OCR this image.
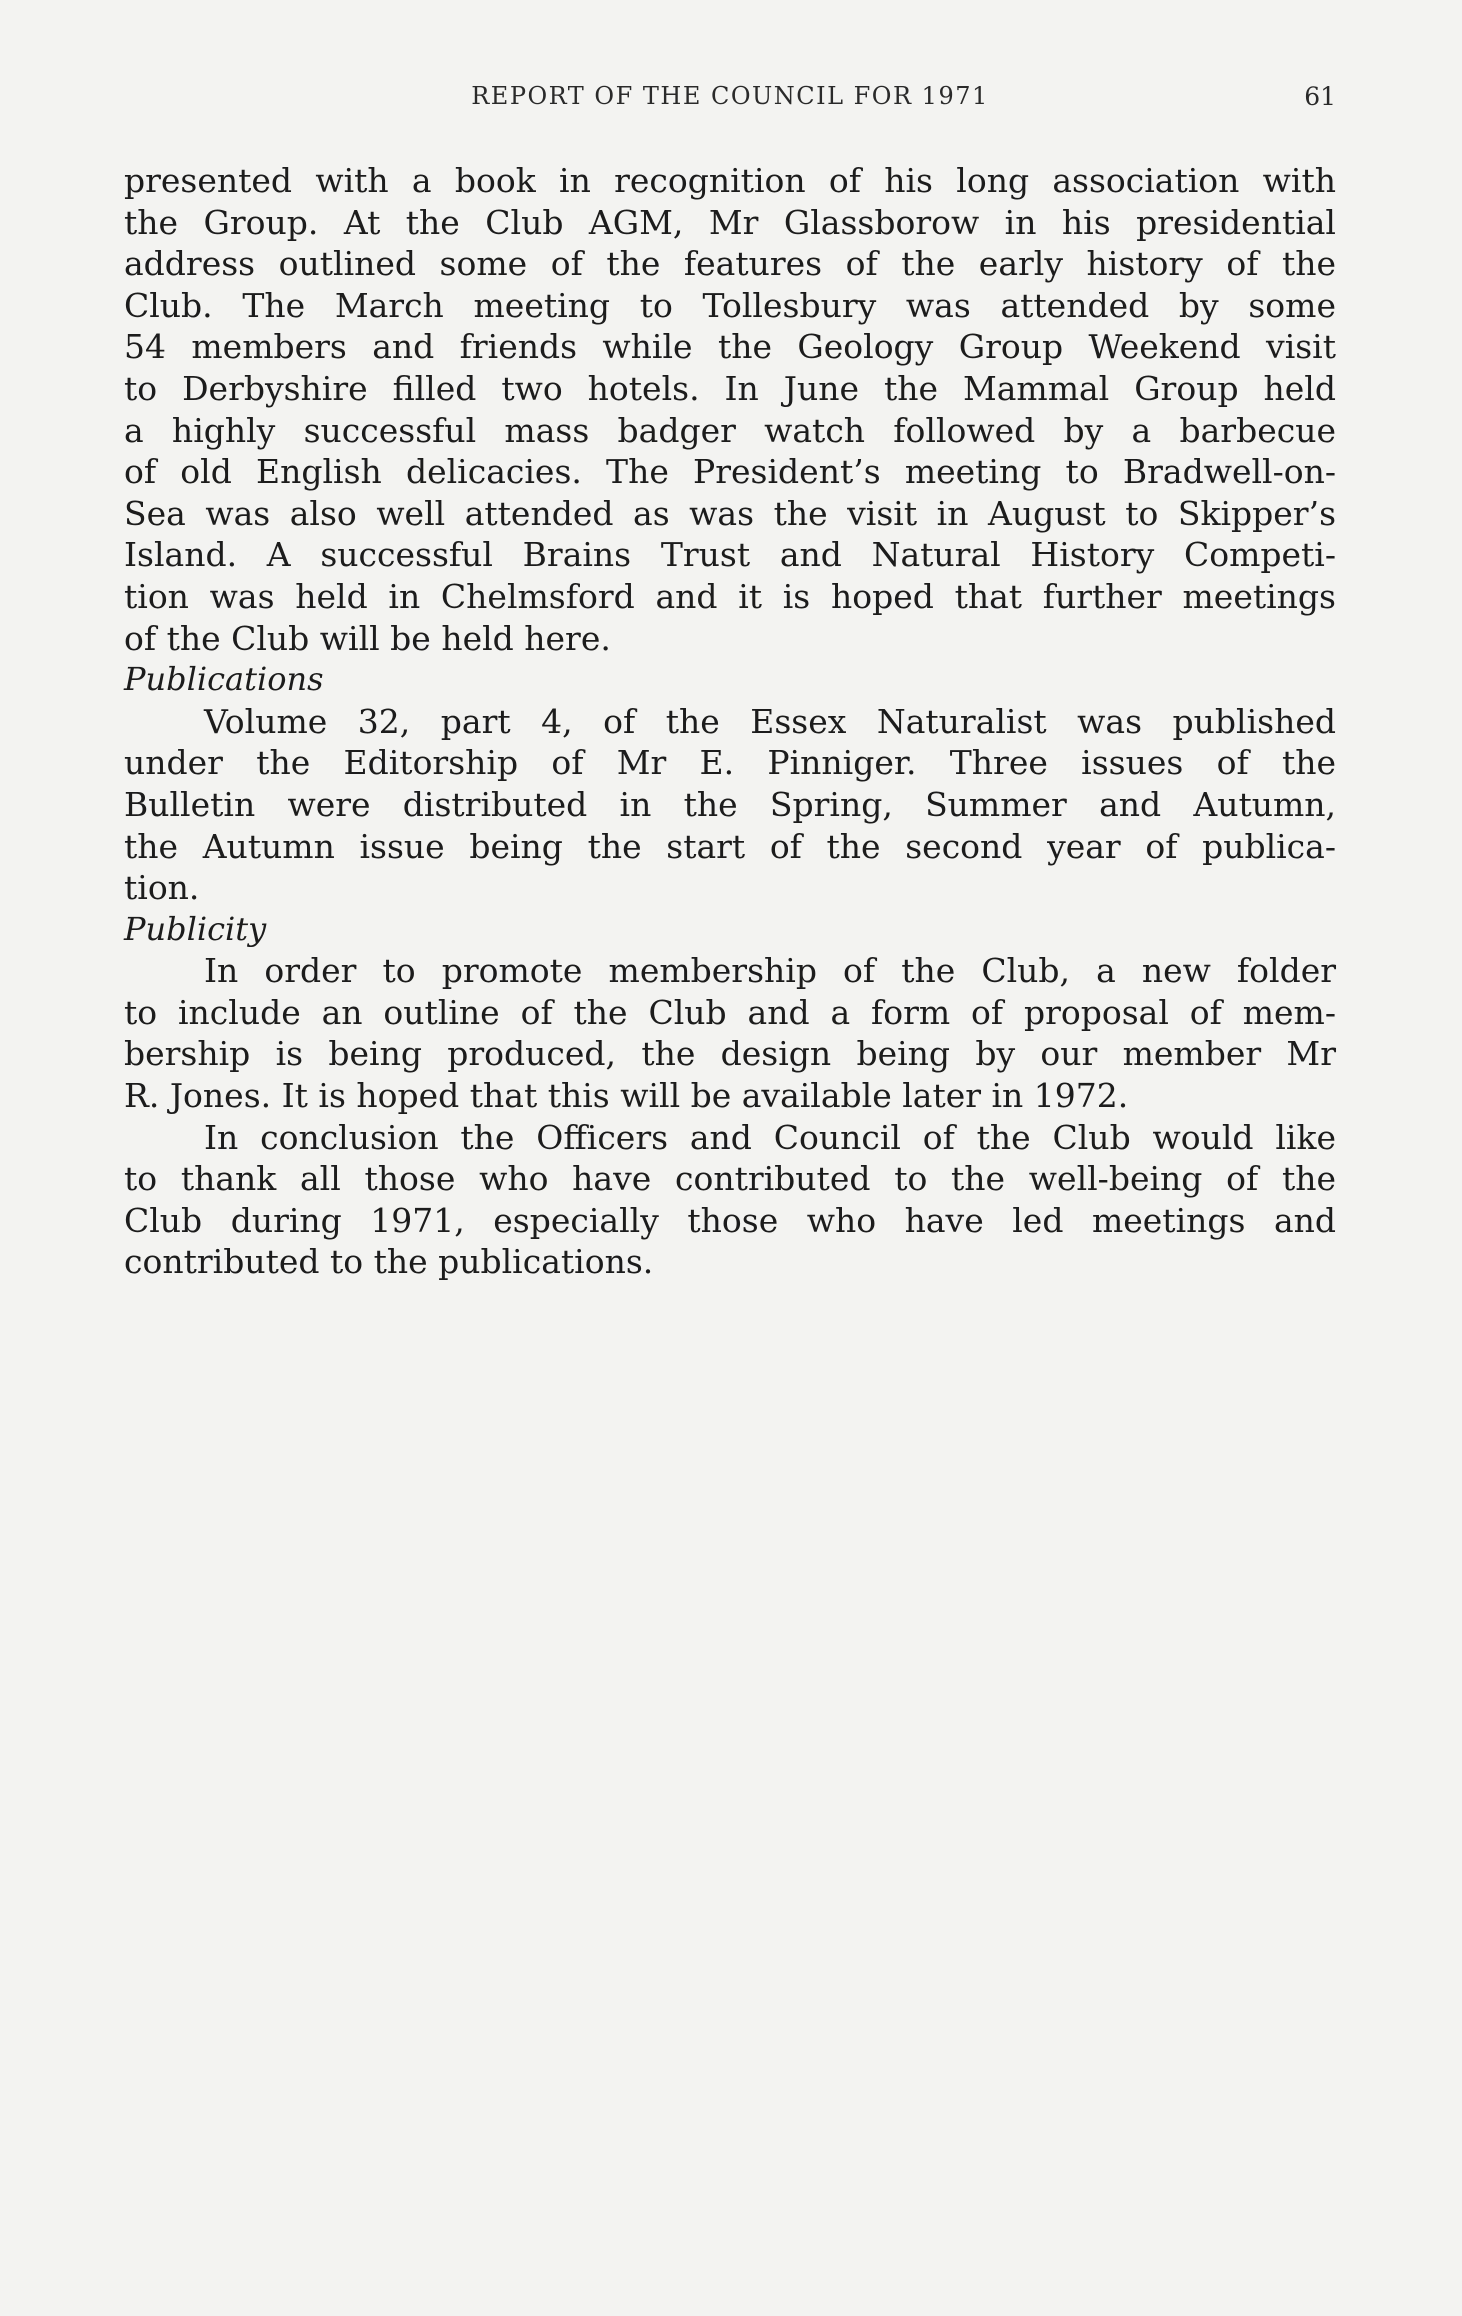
REPORT OF THE COUNCIL FOR 1971	61
presented with a book in recognition of his long association with
the Group. At the Club AGM, Mr Glassborow in his presidential
address outlined some of the features of the early history of the
Club. The March meeting to Tollesbury was attended by some
54 members and friends while the Geology Group Weekend visit
to Derbyshire filled two hotels. In June the Mammal Group held
a highly successful mass badger watch followed by a barbecue
of old English delicacies. The President’s meeting to Bradwell-on-
Sea was also well attended as was the visit in August to Skipper’s
Island. A successful Brains Trust and Natural History Competi-
tion was held in Chelmsford and it is hoped that further meetings
of the Club will be held here.
Publications
Volume 32, part 4, of the Essex Naturalist was published
under the Editorship of Mr E. Pinniger. Three issues of the
Bulletin were distributed in the Spring, Summer and Autumn,
the Autumn issue being the start of the second year of publica-
tion.
Publicity
In order to promote membership of the Club, a new folder
to include an outline of the Club and a form of proposal of mem-
bership is being produced, the design being by our member Mr
R. Jones. It is hoped that this will be available later in 1972.
In conclusion the Officers and Council of the Club would like
to thank all those who have contributed to the well-being of the
Club during 1971, especially those who have led meetings and
contributed to the publications.
